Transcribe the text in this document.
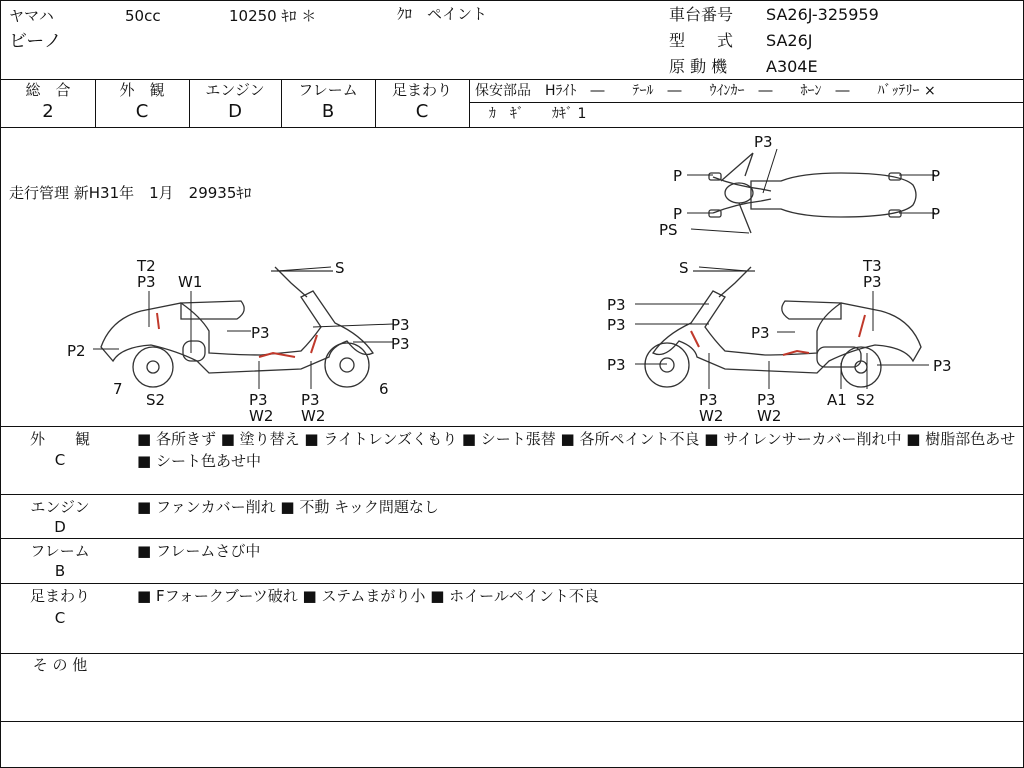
ヤマハ	50cc	10250 ｷﾛ ＊	ｸﾛ　ペイント
ビーノ
車台番号 SA26J-325959
型　　式 SA26J
原 動 機 A304E
総　合
2
外　観
C
エンジン
D
フレーム
B
足まわり
C
保安部品　Hﾗｲﾄ　―　　ﾃｰﾙ　―　　ｳｲﾝｶｰ　―　　ﾎｰﾝ　―　　ﾊﾞｯﾃﾘｰ ×
ｶ　ｷﾞ　　ｶｷﾞ 1
走行管理 新H31年　1月　29935ｷﾛ
P3
P
P
PS
P
P
T2
P3 W1
S
P3	P3
P3
P2
7
S2	P3
W2
P3
W2
6
S	T3
P3
P3
P3	P3
P3	P3
P3
W2
P3
W2
A1 S2
外　　観
C
■ 各所きず ■ 塗り替え ■ ライトレンズくもり ■ シート張替 ■ 各所ペイント不良 ■ サイレンサーカバー削れ中 ■ 樹脂部色あせ ■ シート色あせ中
エンジン
D
■ ファンカバー削れ ■ 不動 キック問題なし
フレーム
B
■ フレームさび中
足まわり
C
■ Fフォークブーツ破れ ■ ステムまがり小 ■ ホイールペイント不良
そ の 他
